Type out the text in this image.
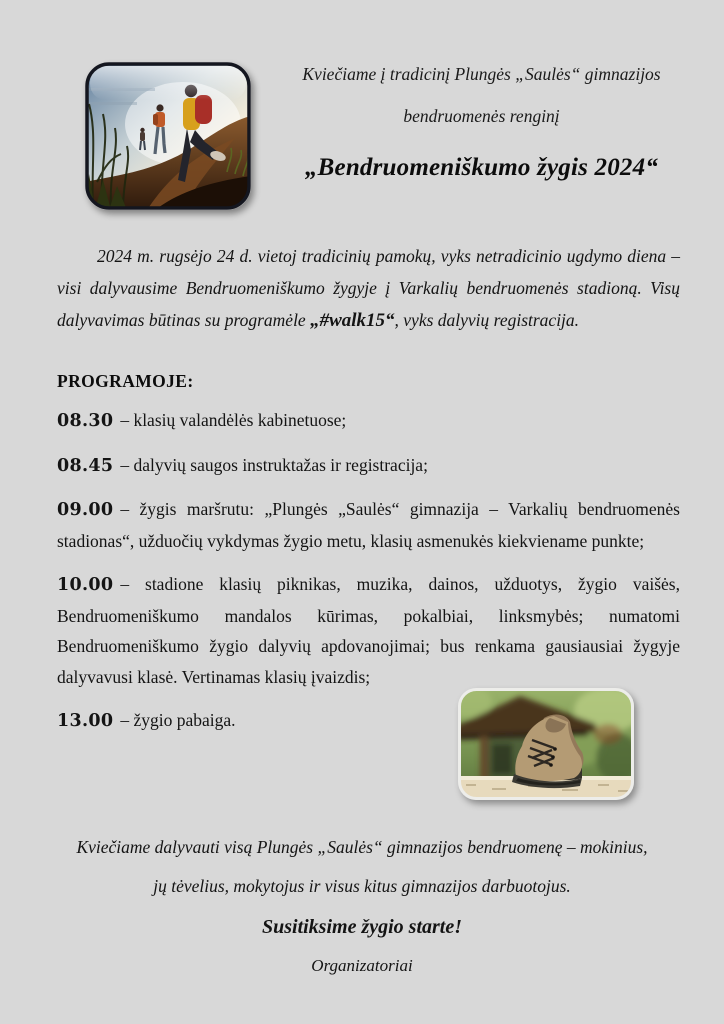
Kviečiame į tradicinį Plungės „Saulės“ gimnazijos

bendruomenės renginį

„Bendruomeniškumo žygis 2024“

2024 m. rugsėjo 24 d. vietoj tradicinių pamokų, vyks netradicinio ugdymo diena – visi dalyvausime Bendruomeniškumo žygyje į Varkalių bendruomenės stadioną. Visų dalyvavimas būtinas su programėle „#walk15“, vyks dalyvių registracija.

PROGRAMOJE:

08.30 – klasių valandėlės kabinetuose;

08.45 – dalyvių saugos instruktažas ir registracija;

09.00 – žygis maršrutu: „Plungės „Saulės“ gimnazija – Varkalių bendruomenės stadionas“, užduočių vykdymas žygio metu, klasių asmenukės kiekviename punkte;

10.00 – stadione klasių piknikas, muzika, dainos, užduotys, žygio vaišės, Bendruomeniškumo mandalos kūrimas, pokalbiai, linksmybės; numatomi Bendruomeniškumo žygio dalyvių apdovanojimai; bus renkama gausiausiai žygyje dalyvavusi klasė. Vertinamas klasių įvaizdis;

13.00 – žygio pabaiga.

Kviečiame dalyvauti visą Plungės „Saulės“ gimnazijos bendruomenę – mokinius, jų tėvelius, mokytojus ir visus kitus gimnazijos darbuotojus.

Susitiksime žygio starte!

Organizatoriai
